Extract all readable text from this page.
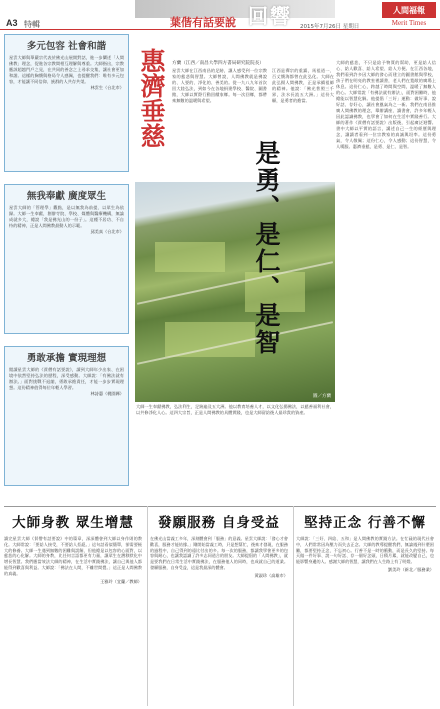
A3 特輯	葉偕有話要說 回響 2015年7月26日 星期日
人間福報
Merit Times
多元包容 社會和諧

星雲大師與華嚴宗代表於佛光山展開對話，進一步闡述「人間佛教」理念，促進各宗教間相互理解與尊重。大師指出，宗教應該超越門戶之見，在共同的善念之上尋求交集，讓社會更加和諧。這樣的胸懷與格局令人感佩，也提醒我們：唯有多元包容，才能讓不同信仰、族群的人共存共榮。

林雲生（台北市）

無我奉獻 廣度眾生

星雲大師的「管理學」觀點，是以無我為前提、以眾生為依歸。大師一生奉獻，創辦寺院、學校、媒體與醫療機構，無論成就多大，總說「我是佛光山的一份子」。這種不居功、不自恃的精神，正是人間佛教最動人的示範。

邱美真（台北市）

勇敢承擔 實現理想

閱讀星雲大師的《貧僧有話要說》，讀到大師年少出家、在困境中依然堅持弘法的歷程，深受感動。大師說：「有佛法就有辦法。」面對挑戰不退縮，勇敢承擔責任，才能一步步實現理想。這份精神值得每位年輕人學習。

林詩惠（桃園縣）

惠濟垂慈 方蘭（江西／南昌大學四方書局研究院院長）
星雲大師在江西南昌的足跡，讓人感受到一位宗教家的慈悲與智慧。大師曾說，人間佛教就是佛說的、人要的、淨化的、善美的。從一九八九年首次回大陸弘法，到如今在各地捐建學校、醫院、圖書館，大師以實際行動回饋家鄉。每一次回鄉，都帶來無數的溫暖與希望。
江西是禪宗的重鎮，馬祖道一、百丈懷海都曾在此弘化。大師在此弘揚人間佛教，正是承續祖師的精神。他說：「佛光普照三千界，法水長流五大洲。」這份大願，是勇者的擔當。
大師的慈悲，不只是給予物質的幫助，更是給人信心、給人歡喜、給人希望、給人方便。在江西各地，我們看到許多因大師的發心而建立的圖書館與學校，孩子們在明亮的教室裡讀書，老人們在寬敞的廣場上休息。這份仁心，跨越了時間與空間，溫暖了無數人的心。大師常說「有佛法就有辦法」，面對困難時，他總能以智慧化解。他提倡「三好」運動：做好事、說好話、存好心，讓社會風氣為之一新。我們在南昌推廣人間佛教的理念，舉辦講座、讀書會，許多年輕人因此認識佛教，也學會了如何在生活中實踐善行。大師的著作《貧僧有話要說》出版後，引起廣泛迴響。書中大師以平實的語言，講述自己一生的經歷與理念，讓讀者看到一位宗教家的真誠與坦率。這份勇氣，令人敬佩；這份仁心，令人感動；這份智慧，令人嘆服。惠濟垂慈，是勇、是仁、是智。
圖／方蘭
是勇、是仁、是智
大師一生奉獻佛教，弘法利生，足跡遍及五大洲。他以教育培養人才，以文化弘揚佛法，以慈善福利社會，以共修淨化人心。這四大宗旨，正是人間佛教的具體實踐，也是大師留給後人最珍貴的資產。
大師身教 眾生增慧

讀完星雲大師《貧僧有話要說》中的篇章，深深體會到大師以身作則的教化。大師常說：「要給人接受，不要給人拒絕。」這句話看似簡單，卻需要極大的修養。大師一生遇到無數的困難與誤解，但他總是以包容的心面對，以慈悲的心化解。大師的身教，比任何言語都更有力量，讓眾生在潛移默化中增長智慧。我們應當效法大師的精神，在生活中實踐佛法，讓自己與他人都能得到歡喜與利益。大師說：「佛法在人間，不離世間覺。」這正是人間佛教的真義。

王雅玲（宜蘭／教師）

發願服務 自身受益

在佛光山當義工多年，深刻體會到「服務」的意義。星雲大師說：「發心才會歡喜，服務才能結緣。」剛開始當義工時，只是想幫忙，後來才發現，在服務的過程中，自己得到的遠比付出的多。每一次的服務，都讓我學會更多的包容與耐心，也讓我認識了許多志同道合的朋友。大師提倡的「人間佛教」，就是要我們在日常生活中實踐佛法，在服務他人的同時，也成就自己的道業。發願服務，自身受益，這是我最深的體會。

黃淑珍（高雄市）

堅持正念 行善不懈

大師說：「三好、四給、五和」是人間佛教的實踐方法。在忙碌的現代社會中，人們常常因為壓力而失去正念。大師的教導提醒我們，無論遇到什麼困難，都要堅持正念，不忘初心。行善不是一時的衝動，而是長久的堅持。每天做一件好事、說一句好話、存一個好念頭，日積月累，就能改變自己，也能影響身邊的人。感謝大師的智慧，讓我們在人生路上有了明燈。

劉美玲（新北／服務業）
